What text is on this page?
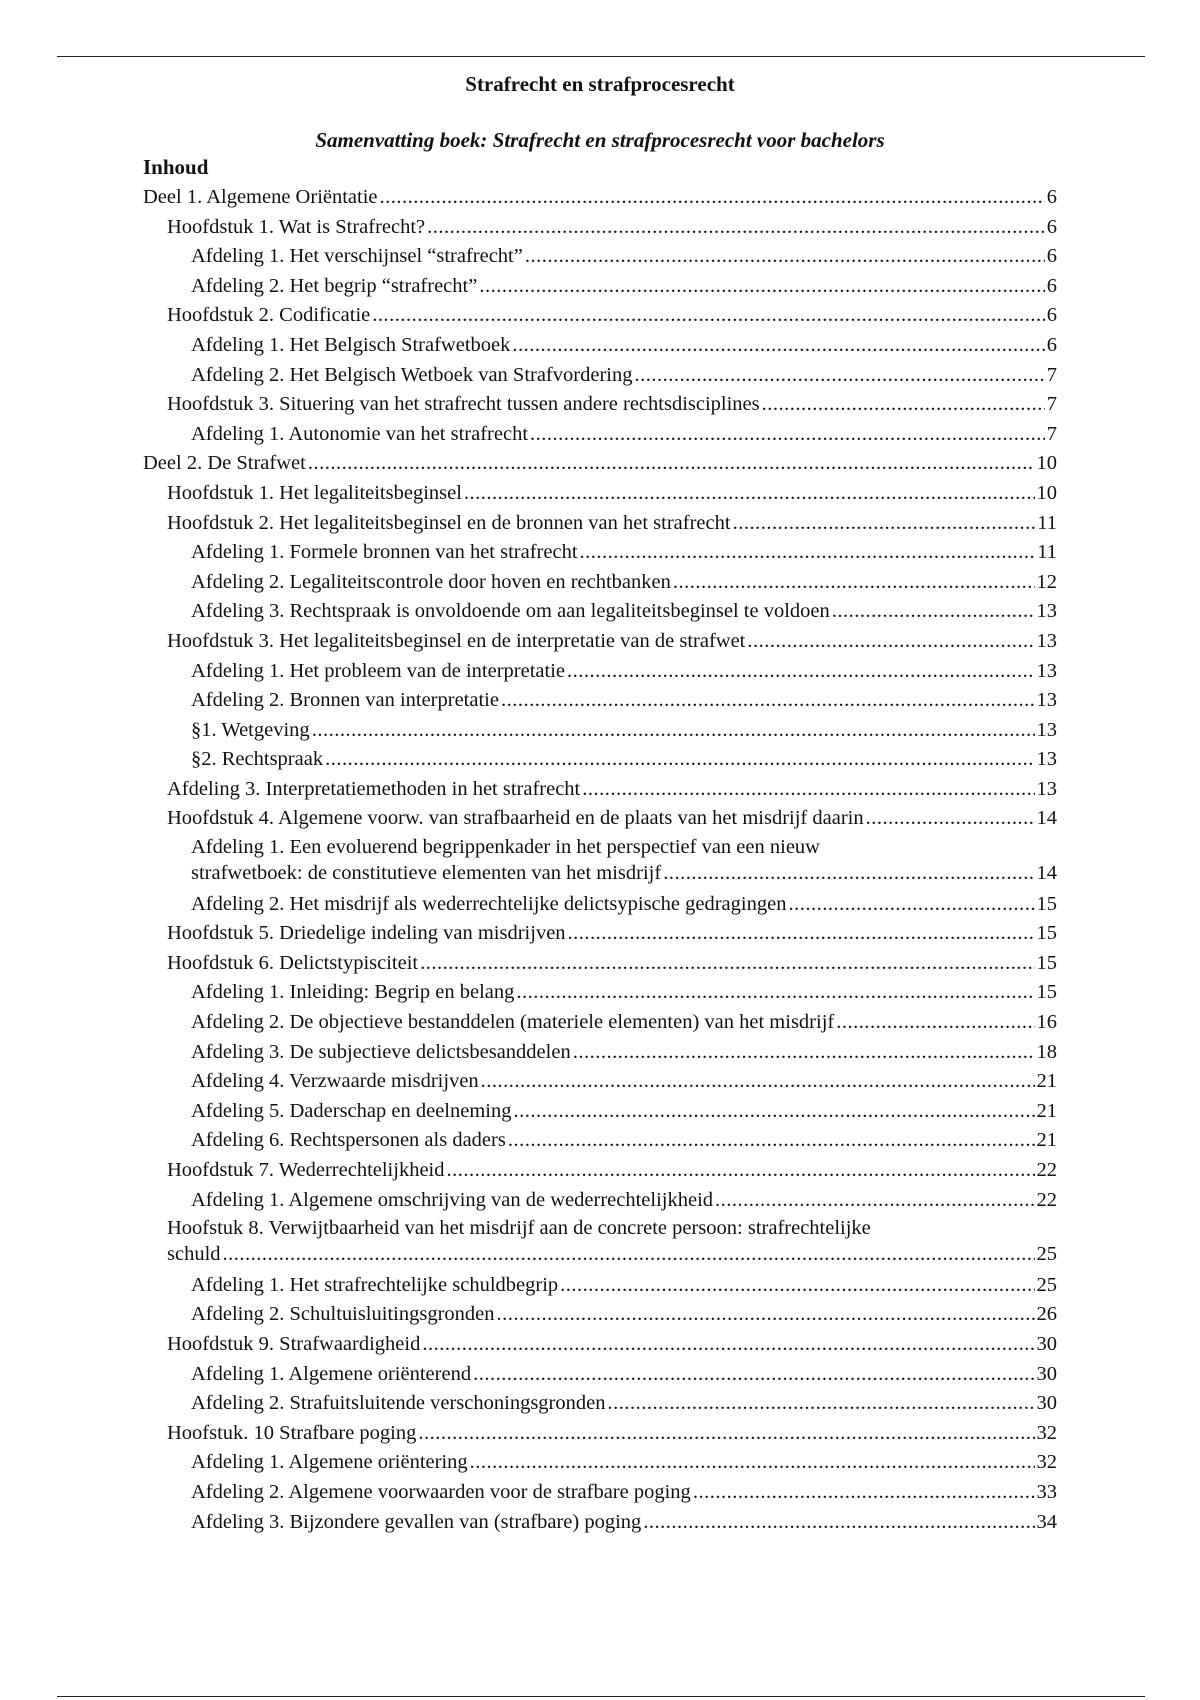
Strafrecht en strafprocesrecht
Samenvatting boek: Strafrecht en strafprocesrecht voor bachelors
Inhoud
Deel 1. Algemene Oriëntatie .....	6
Hoofdstuk 1. Wat is Strafrecht? .....	6
Afdeling 1. Het verschijnsel “strafrecht” .....	6
Afdeling 2. Het begrip “strafrecht” .....	6
Hoofdstuk 2. Codificatie .....	6
Afdeling 1. Het Belgisch Strafwetboek .....	6
Afdeling 2. Het Belgisch Wetboek van Strafvordering .....	7
Hoofdstuk 3. Situering van het strafrecht tussen andere rechtsdisciplines .....	7
Afdeling 1. Autonomie van het strafrecht .....	7
Deel 2. De Strafwet .....	10
Hoofdstuk 1. Het legaliteitsbeginsel .....	10
Hoofdstuk 2. Het legaliteitsbeginsel en de bronnen van het strafrecht .....	11
Afdeling 1. Formele bronnen van het strafrecht .....	11
Afdeling 2. Legaliteitscontrole door hoven en rechtbanken .....	12
Afdeling 3. Rechtspraak is onvoldoende om aan legaliteitsbeginsel te voldoen .....	13
Hoofdstuk 3. Het legaliteitsbeginsel en de interpretatie van de strafwet .....	13
Afdeling 1. Het probleem van de interpretatie .....	13
Afdeling 2. Bronnen van interpretatie .....	13
§1. Wetgeving .....	13
§2. Rechtspraak .....	13
Afdeling 3. Interpretatiemethoden in het strafrecht .....	13
Hoofdstuk 4. Algemene voorw. van strafbaarheid en de plaats van het misdrijf daarin .....	14
Afdeling 1. Een evoluerend begrippenkader in het perspectief van een nieuw
strafwetboek: de constitutieve elementen van het misdrijf .....	14
Afdeling 2. Het misdrijf als wederrechtelijke delictsypische gedragingen .....	15
Hoofdstuk 5. Driedelige indeling van misdrijven .....	15
Hoofdstuk 6. Delictstypisciteit .....	15
Afdeling 1. Inleiding: Begrip en belang .....	15
Afdeling 2. De objectieve bestanddelen (materiele elementen) van het misdrijf .....	16
Afdeling 3. De subjectieve delictsbesanddelen .....	18
Afdeling 4. Verzwaarde misdrijven .....	21
Afdeling 5. Daderschap en deelneming .....	21
Afdeling 6. Rechtspersonen als daders .....	21
Hoofdstuk 7. Wederrechtelijkheid .....	22
Afdeling 1. Algemene omschrijving van de wederrechtelijkheid .....	22
Hoofstuk 8. Verwijtbaarheid van het misdrijf aan de concrete persoon: strafrechtelijke
schuld .....	25
Afdeling 1. Het strafrechtelijke schuldbegrip .....	25
Afdeling 2. Schultuisluitingsgronden .....	26
Hoofdstuk 9. Strafwaardigheid .....	30
Afdeling 1. Algemene oriënterend .....	30
Afdeling 2. Strafuitsluitende verschoningsgronden .....	30
Hoofstuk. 10 Strafbare poging .....	32
Afdeling 1. Algemene oriëntering .....	32
Afdeling 2. Algemene voorwaarden voor de strafbare poging .....	33
Afdeling 3. Bijzondere gevallen van (strafbare) poging .....	34
